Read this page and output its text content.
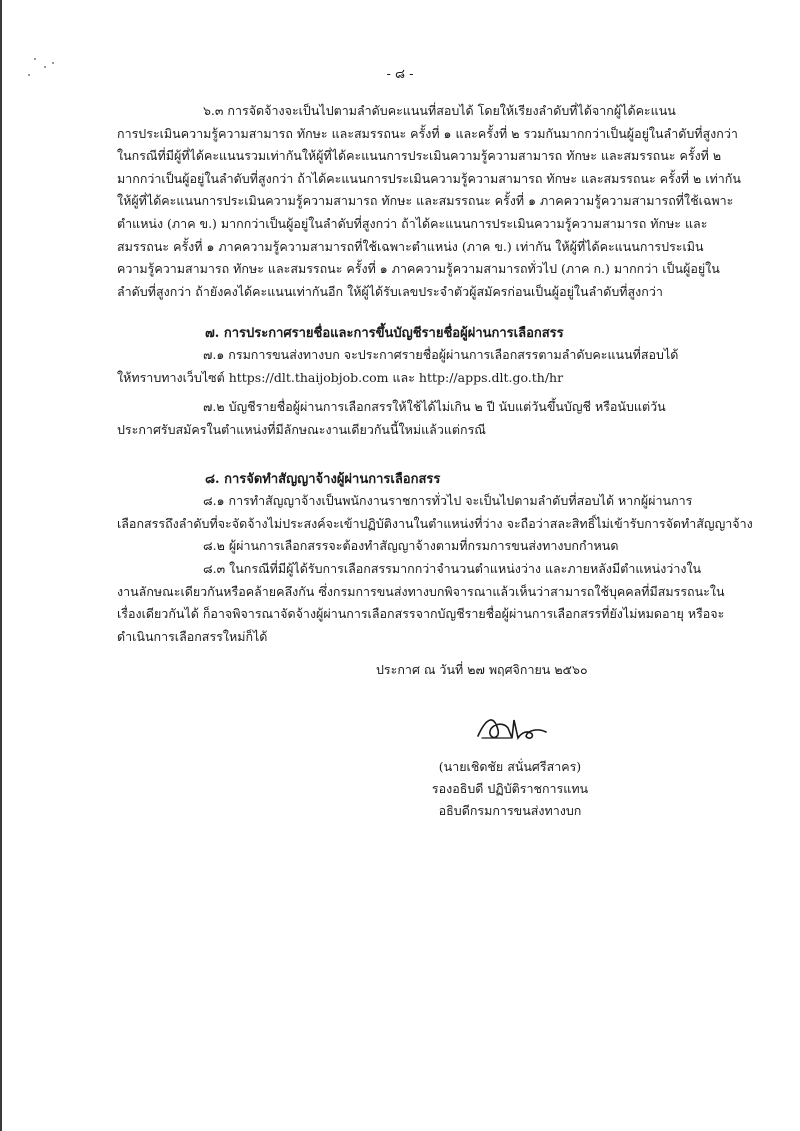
- ๘ -
๖.๓ การจัดจ้างจะเป็นไปตามลำดับคะแนนที่สอบได้ โดยให้เรียงลำดับที่ได้จากผู้ได้คะแนน
การประเมินความรู้ความสามารถ ทักษะ และสมรรถนะ ครั้งที่ ๑ และครั้งที่ ๒ รวมกันมากกว่าเป็นผู้อยู่ในลำดับที่สูงกว่า
ในกรณีที่มีผู้ที่ได้คะแนนรวมเท่ากันให้ผู้ที่ได้คะแนนการประเมินความรู้ความสามารถ ทักษะ และสมรรถนะ ครั้งที่ ๒
มากกว่าเป็นผู้อยู่ในลำดับที่สูงกว่า ถ้าได้คะแนนการประเมินความรู้ความสามารถ ทักษะ และสมรรถนะ ครั้งที่ ๒ เท่ากัน
ให้ผู้ที่ได้คะแนนการประเมินความรู้ความสามารถ ทักษะ และสมรรถนะ ครั้งที่ ๑ ภาคความรู้ความสามารถที่ใช้เฉพาะ
ตำแหน่ง (ภาค ข.) มากกว่าเป็นผู้อยู่ในลำดับที่สูงกว่า ถ้าได้คะแนนการประเมินความรู้ความสามารถ ทักษะ และ
สมรรถนะ ครั้งที่ ๑ ภาคความรู้ความสามารถที่ใช้เฉพาะตำแหน่ง (ภาค ข.) เท่ากัน ให้ผู้ที่ได้คะแนนการประเมิน
ความรู้ความสามารถ ทักษะ และสมรรถนะ ครั้งที่ ๑ ภาคความรู้ความสามารถทั่วไป (ภาค ก.) มากกว่า เป็นผู้อยู่ใน
ลำดับที่สูงกว่า ถ้ายังคงได้คะแนนเท่ากันอีก ให้ผู้ได้รับเลขประจำตัวผู้สมัครก่อนเป็นผู้อยู่ในลำดับที่สูงกว่า
๗. การประกาศรายชื่อและการขึ้นบัญชีรายชื่อผู้ผ่านการเลือกสรร
๗.๑ กรมการขนส่งทางบก จะประกาศรายชื่อผู้ผ่านการเลือกสรรตามลำดับคะแนนที่สอบได้
ให้ทราบทางเว็บไซต์ https://dlt.thaijobjob.com และ http://apps.dlt.go.th/hr
๗.๒ บัญชีรายชื่อผู้ผ่านการเลือกสรรให้ใช้ได้ไม่เกิน ๒ ปี นับแต่วันขึ้นบัญชี หรือนับแต่วัน
ประกาศรับสมัครในตำแหน่งที่มีลักษณะงานเดียวกันนี้ใหม่แล้วแต่กรณี
๘. การจัดทำสัญญาจ้างผู้ผ่านการเลือกสรร
๘.๑ การทำสัญญาจ้างเป็นพนักงานราชการทั่วไป จะเป็นไปตามลำดับที่สอบได้ หากผู้ผ่านการ
เลือกสรรถึงลำดับที่จะจัดจ้างไม่ประสงค์จะเข้าปฏิบัติงานในตำแหน่งที่ว่าง จะถือว่าสละสิทธิ์ไม่เข้ารับการจัดทำสัญญาจ้าง
๘.๒ ผู้ผ่านการเลือกสรรจะต้องทำสัญญาจ้างตามที่กรมการขนส่งทางบกกำหนด
๘.๓ ในกรณีที่มีผู้ได้รับการเลือกสรรมากกว่าจำนวนตำแหน่งว่าง และภายหลังมีตำแหน่งว่างใน
งานลักษณะเดียวกันหรือคล้ายคลึงกัน ซึ่งกรมการขนส่งทางบกพิจารณาแล้วเห็นว่าสามารถใช้บุคคลที่มีสมรรถนะใน
เรื่องเดียวกันได้ ก็อาจพิจารณาจัดจ้างผู้ผ่านการเลือกสรรจากบัญชีรายชื่อผู้ผ่านการเลือกสรรที่ยังไม่หมดอายุ หรือจะ
ดำเนินการเลือกสรรใหม่ก็ได้
ประกาศ ณ วันที่ ๒๗ พฤศจิกายน ๒๕๖๐
(นายเชิดชัย สนั่นศรีสาคร)
รองอธิบดี ปฏิบัติราชการแทน
อธิบดีกรมการขนส่งทางบก
